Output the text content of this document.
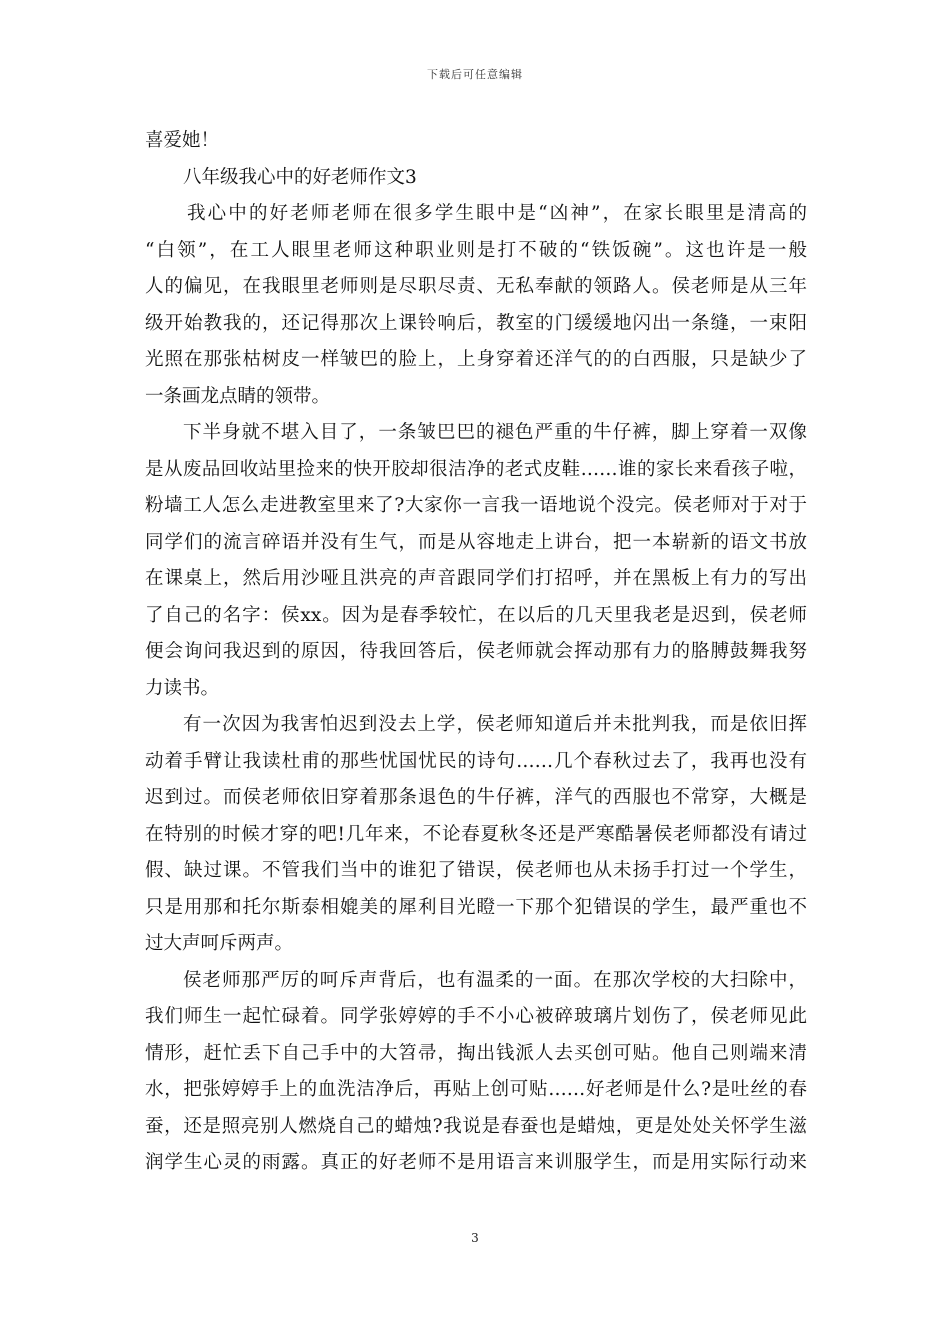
下载后可任意编辑
喜爱她！
八年级我心中的好老师作文3
我心中的好老师老师在很多学生眼中是“凶神”，在家长眼里是清高的
“白领”，在工人眼里老师这种职业则是打不破的“铁饭碗”。这也许是一般
人的偏见，在我眼里老师则是尽职尽责、无私奉献的领路人。侯老师是从三年
级开始教我的，还记得那次上课铃响后，教室的门缓缓地闪出一条缝，一束阳
光照在那张枯树皮一样皱巴的脸上，上身穿着还洋气的的白西服，只是缺少了
一条画龙点睛的领带。
下半身就不堪入目了，一条皱巴巴的褪色严重的牛仔裤，脚上穿着一双像
是从废品回收站里捡来的快开胶却很洁净的老式皮鞋……谁的家长来看孩子啦，
粉墙工人怎么走进教室里来了?大家你一言我一语地说个没完。侯老师对于对于
同学们的流言碎语并没有生气，而是从容地走上讲台，把一本崭新的语文书放
在课桌上，然后用沙哑且洪亮的声音跟同学们打招呼，并在黑板上有力的写出
了自己的名字：侯xx。因为是春季较忙，在以后的几天里我老是迟到，侯老师
便会询问我迟到的原因，待我回答后，侯老师就会挥动那有力的胳膊鼓舞我努
力读书。
有一次因为我害怕迟到没去上学，侯老师知道后并未批判我，而是依旧挥
动着手臂让我读杜甫的那些忧国忧民的诗句……几个春秋过去了，我再也没有
迟到过。而侯老师依旧穿着那条退色的牛仔裤，洋气的西服也不常穿，大概是
在特别的时候才穿的吧!几年来，不论春夏秋冬还是严寒酷暑侯老师都没有请过
假、缺过课。不管我们当中的谁犯了错误，侯老师也从未扬手打过一个学生，
只是用那和托尔斯泰相媲美的犀利目光瞪一下那个犯错误的学生，最严重也不
过大声呵斥两声。
侯老师那严厉的呵斥声背后，也有温柔的一面。在那次学校的大扫除中，
我们师生一起忙碌着。同学张婷婷的手不小心被碎玻璃片划伤了，侯老师见此
情形，赶忙丢下自己手中的大笤帚，掏出钱派人去买创可贴。他自己则端来清
水，把张婷婷手上的血洗洁净后，再贴上创可贴……好老师是什么?是吐丝的春
蚕，还是照亮别人燃烧自己的蜡烛?我说是春蚕也是蜡烛，更是处处关怀学生滋
润学生心灵的雨露。真正的好老师不是用语言来训服学生，而是用实际行动来
3
